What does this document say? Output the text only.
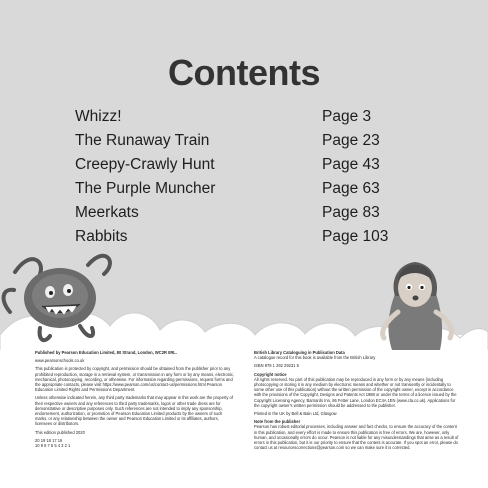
Contents
Whizz!	Page 3
The Runaway Train	Page 23
Creepy-Crawly Hunt	Page 43
The Purple Muncher	Page 63
Meerkats	Page 83
Rabbits	Page 103

Published by Pearson Education Limited, 80 Strand, London, WC2R 0RL.

www.pearsonschools.co.uk

This publication is protected by copyright, and permission should be obtained from the publisher prior to any prohibited reproduction, storage in a retrieval system, or transmission in any form or by any means, electronic, mechanical, photocopying, recording, or otherwise. For information regarding permissions, request forms and the appropriate contacts, please visit https://www.pearson.com/us/contact-us/permissions.html Pearson Education Limited Rights and Permissions Department.

Unless otherwise indicated herein, any third party trademarks that may appear in this work are the property of their respective owners and any references to third party trademarks, logos or other trade dress are for demonstrative or descriptive purposes only. Such references are not intended to imply any sponsorship, endorsement, authorization, or promotion of Pearson Education Limited products by the owners of such marks, or any relationship between the owner and Pearson Education Limited or its affiliates, authors, licensees or distributors.

This edition published 2020

20 19 18 17 16

10 9 8 7 6 5 4 3 2 1

British Library Cataloguing in Publication Data

A catalogue record for this book is available from the British Library

ISBN 978 1 292 29231 5

Copyright notice

All rights reserved. No part of this publication may be reproduced in any form or by any means (including photocopying or storing it in any medium by electronic means and whether or not transiently or incidentally to some other use of this publication) without the written permission of the copyright owner, except in accordance with the provisions of the Copyright, Designs and Patents Act 1988 or under the terms of a licence issued by the Copyright Licensing Agency, Barnards Inn, 86 Fetter Lane, London EC4A 1EN (www.cla.co.uk). Applications for the copyright owner's written permission should be addressed to the publisher.

Printed in the UK by Bell & Bain Ltd, Glasgow

Note from the publisher

Pearson has robust editorial processes, including answer and fact checks, to ensure the accuracy of the content in this publication, and every effort is made to ensure this publication is free of errors. We are, however, only human, and occasionally errors do occur. Pearson is not liable for any misunderstandings that arise as a result of errors in this publication, but it is our priority to ensure that the content is accurate. If you spot an error, please do contact us at resourcescorrections@pearson.com so we can make sure it is corrected.
